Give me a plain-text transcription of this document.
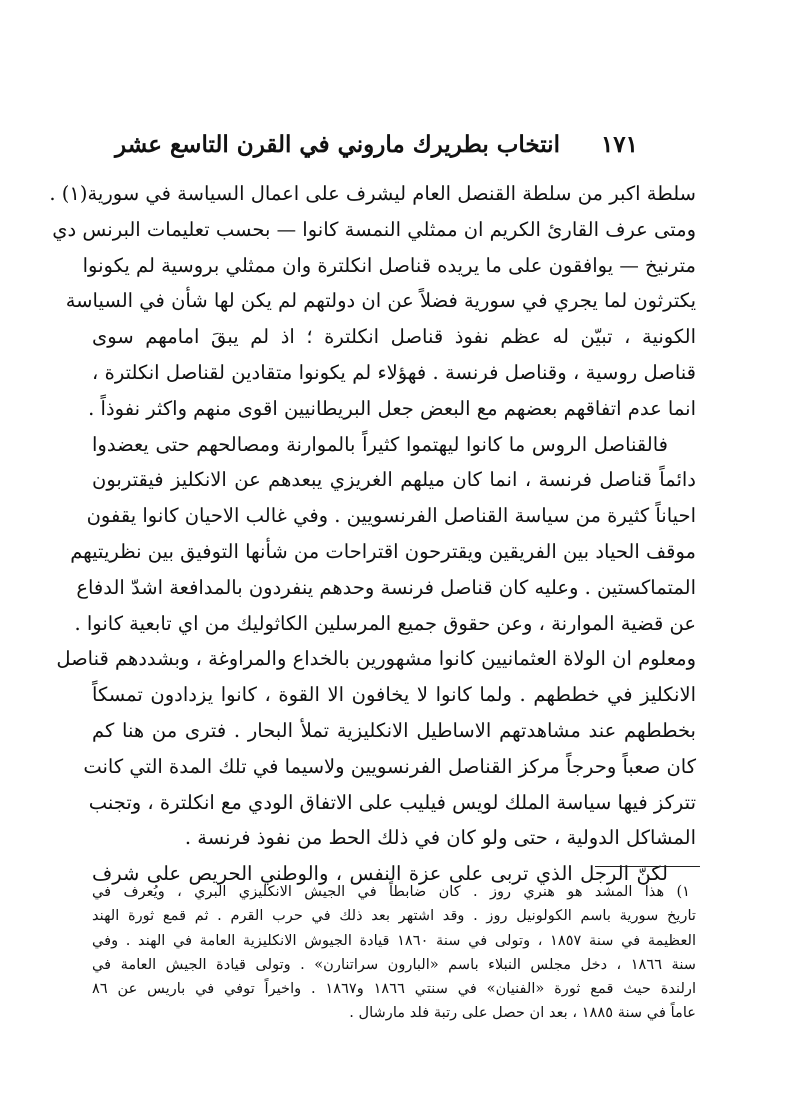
انتخاب بطريرك ماروني في القرن التاسع عشر ١٧١
سلطة اكبر من سلطة القنصل العام ليشرف على اعمال السياسة في سورية(١) .
ومتى عرف القارئ الكريم ان ممثلي النمسة كانوا — بحسب تعليمات البرنس دي
مترنيخ — يوافقون على ما يريده قناصل انكلترة وان ممثلي بروسية لم يكونوا
يكترثون لما يجري في سورية فضلاً عن ان دولتهم لم يكن لها شأن في السياسة
الكونية ، تبيّن له عظم نفوذ قناصل انكلترة ؛ اذ لم يبقَ امامهم سوى
قناصل روسية ، وقناصل فرنسة . فهؤلاء لم يكونوا متقادين لقناصل انكلترة ،
انما عدم اتفاقهم بعضهم مع البعض جعل البريطانيين اقوى منهم واكثر نفوذاً .
فالقناصل الروس ما كانوا ليهتموا كثيراً بالموارنة ومصالحهم حتى يعضدوا
دائماً قناصل فرنسة ، انما كان ميلهم الغريزي يبعدهم عن الانكليز فيقتربون
احياناً كثيرة من سياسة القناصل الفرنسويين . وفي غالب الاحيان كانوا يقفون
موقف الحياد بين الفريقين ويقترحون اقتراحات من شأنها التوفيق بين نظريتيهم
المتماكستين . وعليه كان قناصل فرنسة وحدهم ينفردون بالمدافعة اشدّ الدفاع
عن قضية الموارنة ، وعن حقوق جميع المرسلين الكاثوليك من اي تابعية كانوا .
ومعلوم ان الولاة العثمانيين كانوا مشهورين بالخداع والمراوغة ، وبشددهم قناصل
الانكليز في خططهم . ولما كانوا لا يخافون الا القوة ، كانوا يزدادون تمسكاً
بخططهم عند مشاهدتهم الاساطيل الانكليزية تملأ البحار . فترى من هنا كم
كان صعباً وحرجاً مركز القناصل الفرنسويين ولاسيما في تلك المدة التي كانت
تتركز فيها سياسة الملك لويس فيليب على الاتفاق الودي مع انكلترة ، وتجنب
المشاكل الدولية ، حتى ولو كان في ذلك الحط من نفوذ فرنسة .
لكنّ الرجل الذي تربى على عزة النفس ، والوطني الحريص على شرف
١) هذا المشد هو هنري روز . كان ضابطاً في الجيش الانكليزي البري ، ويُعرف في
تاريخ سورية باسم الكولونيل روز . وقد اشتهر بعد ذلك في حرب القرم . ثم قمع ثورة الهند
العظيمة في سنة ١٨٥٧ ، وتولى في سنة ١٨٦٠ قيادة الجيوش الانكليزية العامة في الهند . وفي
سنة ١٨٦٦ ، دخل مجلس النبلاء باسم «البارون سراتنارن» . وتولى قيادة الجيش العامة في
ارلندة حيث قمع ثورة «الفنيان» في سنتي ١٨٦٦ و١٨٦٧ . واخيراً توفي في باريس عن ٨٦
عاماً في سنة ١٨٨٥ ، بعد ان حصل على رتبة فلد مارشال .
